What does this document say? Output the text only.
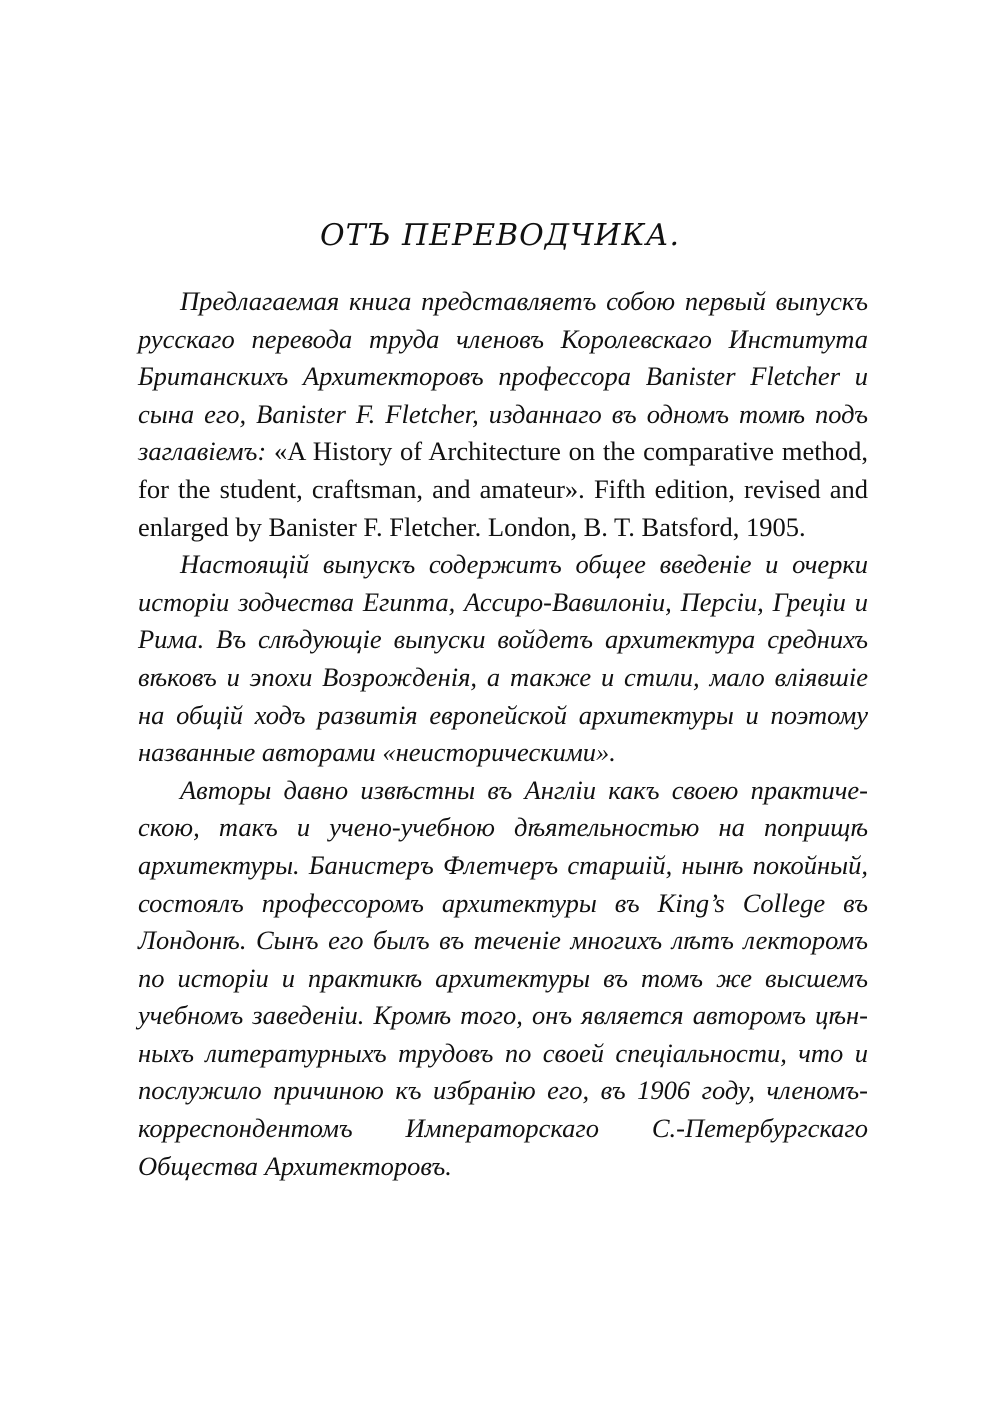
ОТЪ ПЕРЕВОДЧИКА.

Предлагаемая книга представляетъ собою первый выпускъ русскаго перевода труда членовъ Королевскаго Института Британскихъ Архитекторовъ профессора Banister Fletcher и сына его, Banister F. Fletcher, изданнаго въ одномъ томѣ подъ заглавіемъ: «A History of Architecture on the comparative method, for the student, craftsman, and amateur». Fifth edition, revised and enlarged by Banister F. Fletcher. London, B. T. Batsford, 1905.

Настоящій выпускъ содержитъ общее введеніе и очерки исторіи зодчества Египта, Ассиро-Вавилоніи, Персіи, Греціи и Рима. Въ слѣдующіе выпуски войдетъ архитектура среднихъ вѣковъ и эпохи Возрожденія, а также и стили, мало вліявшіе на общій ходъ развитія европейской архитектуры и поэтому названные авторами «неисторическими».

Авторы давно извѣстны въ Англіи какъ своею практическою, такъ и учено-учебною дѣятельностью на поприщѣ архитектуры. Банистеръ Флетчеръ старшій, нынѣ покойный, состоялъ профессоромъ архитектуры въ King’s College въ Лондонѣ. Сынъ его былъ въ теченіе многихъ лѣтъ лекторомъ по исторіи и практикѣ архитектуры въ томъ же высшемъ учебномъ заведеніи. Кромѣ того, онъ является авторомъ цѣнныхъ литературныхъ трудовъ по своей спеціальности, что и послужило причиною къ избранію его, въ 1906 году, членомъ-корреспондентомъ Императорскаго С.-Петербургскаго Общества Архитекторовъ.
